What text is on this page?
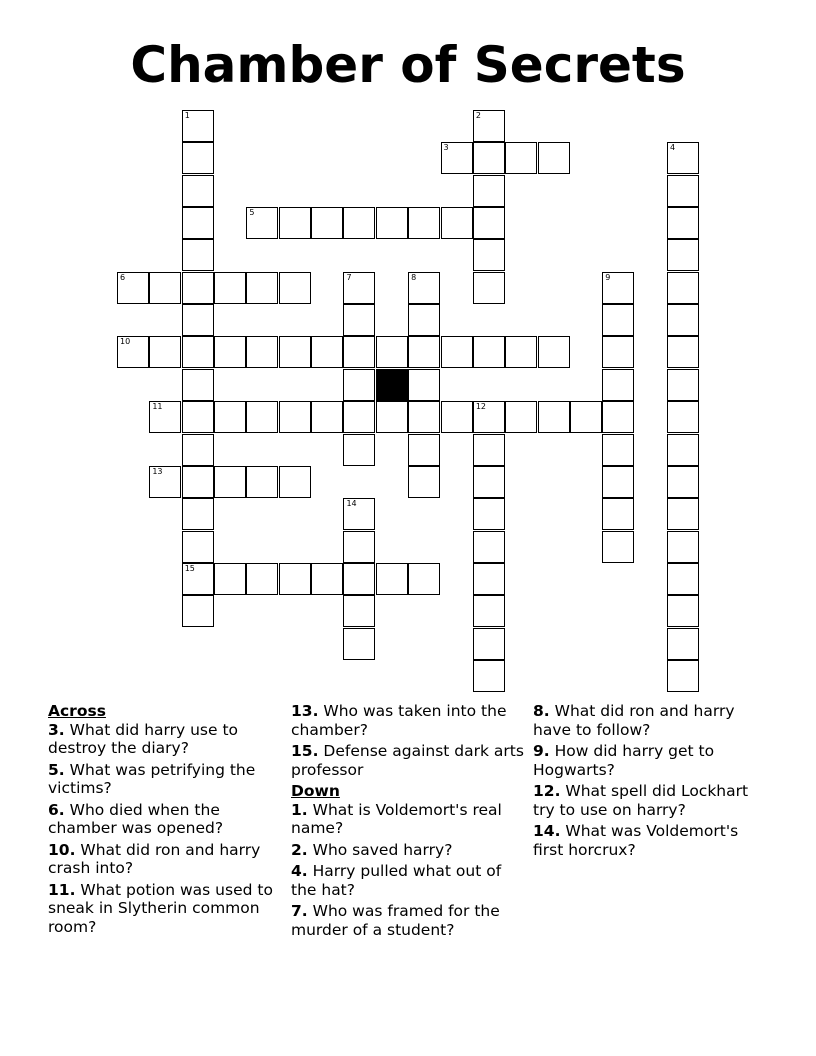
Chamber of Secrets
1
15
2
4
7	8	9
12
14
3
5
6
10
11
13
Across
3. What did harry use to destroy the diary?
5. What was petrifying the victims?
6. Who died when the chamber was opened?
10. What did ron and harry crash into?
11. What potion was used to sneak in Slytherin common room?
13. Who was taken into the chamber?
15. Defense against dark arts professor
Down
1. What is Voldemort's real name?
2. Who saved harry?
4. Harry pulled what out of the hat?
7. Who was framed for the murder of a student?
8. What did ron and harry have to follow?
9. How did harry get to Hogwarts?
12. What spell did Lockhart try to use on harry?
14. What was Voldemort's first horcrux?
